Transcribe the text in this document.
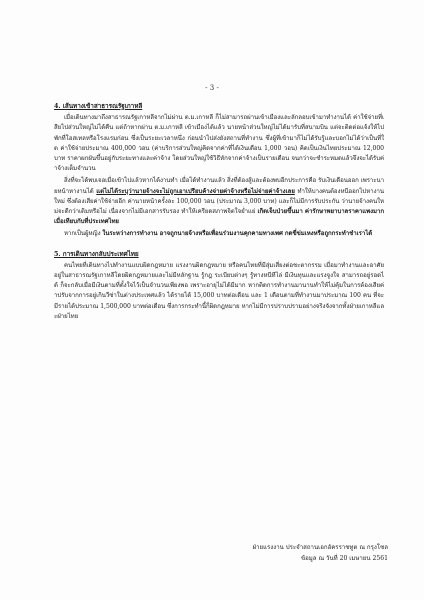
- 3 -
4. เส้นทางเข้าสาธารณรัฐเกาหลี

เมื่อเดินทางมาถึงสาธารณรัฐเกาหลีจากไม่ผ่าน ต.ม.เกาหลี ก็ไม่สามารถผ่านเข้าเมืองและลักลอบเข้ามาทำงานได้ ค่าใช้จ่ายที่เสียไปส่วนใหญ่ไม่ได้คืน แต่ถ้าหากผ่าน ต.ม.เกาหลี เข้าเมืองได้แล้ว นายหน้าส่วนใหญ่ไม่ได้มารับที่สนามบิน แต่จะติดต่อแจ้งให้ไปพักที่โฮสเทลหรือโรงแรมก่อน ซึ่งเป็นระยะเวลาหนึ่ง ก่อนนำไปส่งยังสถานที่ทำงาน ซึ่งผู้ที่เข้ามาก็ไม่ได้รับรู้และบอกไม่ได้ว่าเป็นที่ใด ค่าใช้จ่ายประมาณ 400,000 วอน (ค่าบริการส่วนใหญ่คิดจากค่าที่ได้เงินเดือน 1,000 วอน) คิดเป็นเงินไทยประมาณ 12,000 บาท ราคาผกผันขึ้นอยู่กับระยะทางและค่าจ้าง โดยส่วนใหญ่ใช้วิธีหักจากค่าจ้างเป็นรายเดือน จนกว่าจะชำระหมดแล้วจึงจะได้รับค่าจ้างเต็มจำนวน

สิ่งที่จะได้พบเจอเมื่อเข้าไปแล้วหากได้งานทำ เมื่อได้ทำงานแล้ว สิ่งที่ต้องสู้และต้องพบอีกประการคือ รับเงินเดือนออก เพราะนายหน้าหางานได้ แต่ไม่ได้ระบุว่านายจ้างจะไม่ถูกเอาเปรียบค้างจ่ายค่าจ้างหรือไม่จ่ายค่าจ้างเลย ทำให้บางคนต้องหนีออกไปหางานใหม่ ซึ่งต้องเสียค่าใช้จ่ายอีก ค่านายหน้าครั้งละ 100,000 วอน (ประมาณ 3,000 บาท) และก็ไม่มีการรับประกัน ว่านายจ้างคนใหม่จะดีกว่าเดิมหรือไม่ เนื่องจากไม่มีเอกสารรับรอง ทำให้เครียดสภาพจิตใจย่ำแย่ เกิดเจ็บป่วยขึ้นมา ค่ารักษาพยาบาลราคาแพงมากเมื่อเทียบกับที่ประเทศไทย

หากเป็นผู้หญิง ในระหว่างการทำงาน อาจถูกนายจ้างหรือเพื่อนร่วมงานคุกคามทางเพศ กดขี่ข่มเหงหรือถูกกระทำชำเราได้

5. การเดินทางกลับประเทศไทย

คนไทยที่เดินทางไปทำงานแบบผิดกฎหมาย แรงงานผิดกฎหมาย หรือคนไทยที่มีสุ่มเสี่ยงต่อชะตากรรม เมื่อมาทำงานและอาศัยอยู่ในสาธารณรัฐเกาหลีโดยผิดกฎหมายและไม่มีหลักฐาน รู้กฎ ระเบียบต่างๆ รู้ทางหนีทีไล่ มีเงินทุนและแรงจูงใจ สามารถอยู่รอดได้ ก็จะกลับเมื่อมีเงินตามที่ตั้งใจไว้เป็นจำนวนเพียงพอ เพราะอายุไม่ได้มีมาก หากติดการทำงานมานานทำให้ไม่คุ้มในการต้องเสียค่าปรับจากการอยู่เกินวีซ่าในต่างประเทศแล้ว ได้รายได้ 15,000 บาทต่อเดือน และ 1 เดือนตามที่ทำงานมาประมาณ 100 คน ที่จะมีรายได้ประมาณ 1,500,000 บาทต่อเดือน ซึ่งการกระทำนี้ก็ผิดกฎหมาย หากไม่มีการปราบปรามอย่างจริงจังจากทั้งฝ่ายเกาหลีและฝ่ายไทย

ฝ่ายแรงงาน ประจำสถานเอกอัครราชทูต ณ กรุงโซล
ข้อมูล ณ วันที่ 20 เมษายน 2561
